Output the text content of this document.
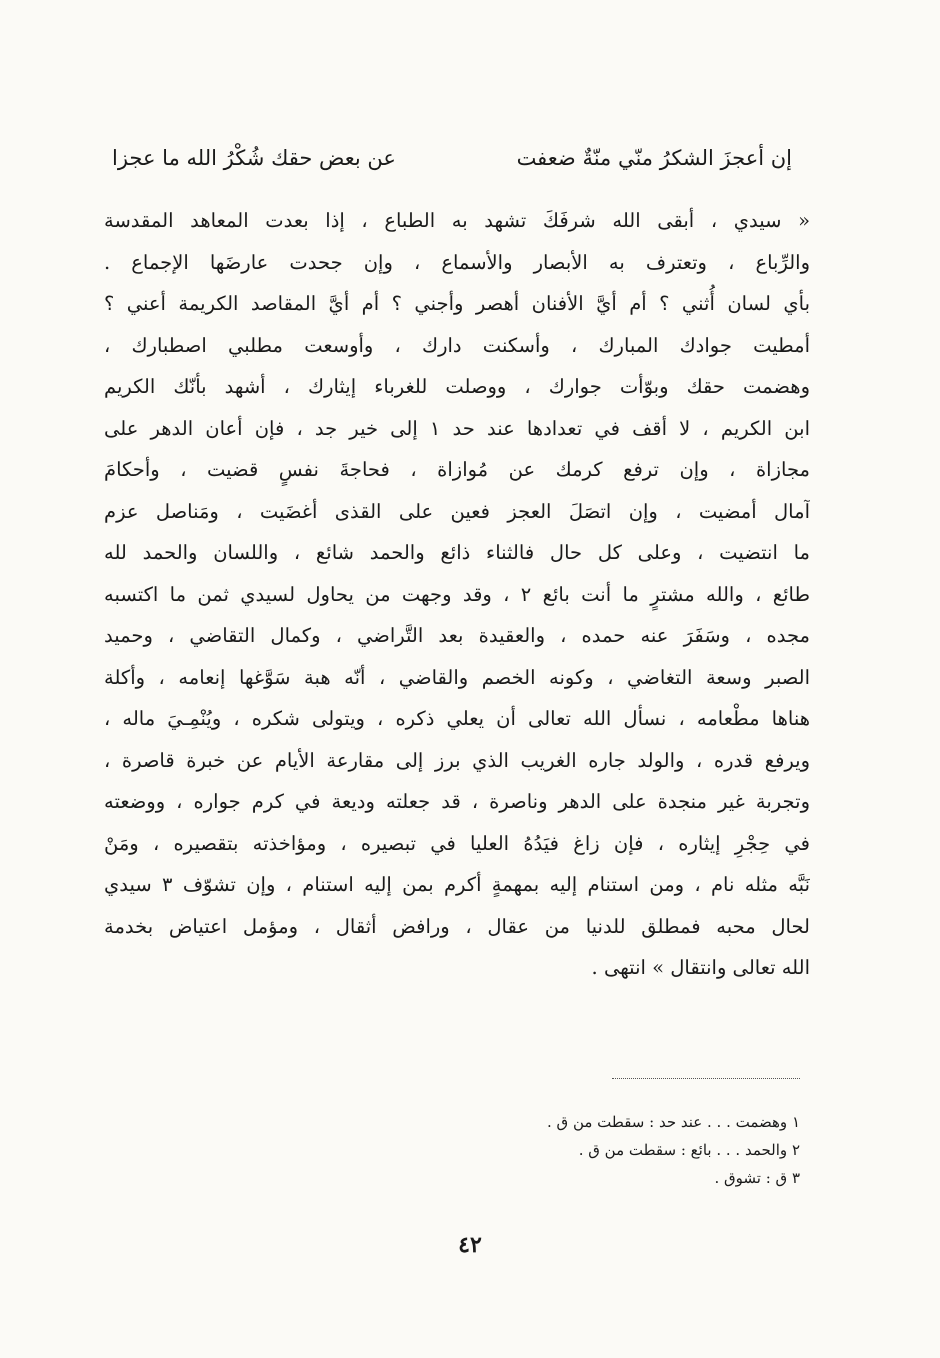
إن أعجزَ الشكرُ منّي منّةٌ ضعفت
عن بعض حقك شُكْرُ الله ما عجزا
« سيدي ، أبقى الله شرفَكَ تشهد به الطباع ، إذا بعدت المعاهد المقدسة
والرِّباع ، وتعترف به الأبصار والأسماع ، وإن جحدت عارضَها الإجماع .
بأي لسان أُثني ؟ أم أيَّ الأفنان أهصر وأجني ؟ أم أيَّ المقاصد الكريمة أعني ؟
أمطيت جوادك المبارك ، وأسكنت دارك ، وأوسعت مطلبي اصطبارك ،
وهضمت حقك وبوّأت جوارك ، ووصلت للغرباء إيثارك ، أشهد بأنّك الكريم
ابن الكريم ، لا أقف في تعدادها عند حد ١ إلى خير جد ، فإن أعان الدهر على
مجازاة ، وإن ترفع كرمك عن مُوازاة ، فحاجةَ نفسٍ قضيت ، وأحكامَ
آمال أمضيت ، وإن اتصَلَ العجز فعين على القذى أغضَيت ، ومَناصل عزم
ما انتضيت ، وعلى كل حال فالثناء ذائع والحمد شائع ، واللسان والحمد لله
طائع ، والله مشترٍ ما أنت بائع ٢ ، وقد وجهت من يحاول لسيدي ثمن ما اكتسبه
مجده ، وسَفَرَ عنه حمده ، والعقيدة بعد التَّراضي ، وكمال التقاضي ، وحميد
الصبر وسعة التغاضي ، وكونه الخصم والقاضي ، أنّه هبة سَوَّغها إنعامه ، وأكلة
هناها مطْعامه ، نسأل الله تعالى أن يعلي ذكره ، ويتولى شكره ، ويُنْمِـيَ ماله ،
ويرفع قدره ، والولد جاره الغريب الذي برز إلى مقارعة الأيام عن خبرة قاصرة ،
وتجربة غير منجدة على الدهر وناصرة ، قد جعلته وديعة في كرم جواره ، ووضعته
في حِجْرِ إيثاره ، فإن زاغ فيَدُهُ العليا في تبصيره ، ومؤاخذته بتقصيره ، ومَنْ
نَبَّه مثله نام ، ومن استنام إليه بمهمةٍ أكرم بمن إليه استنام ، وإن تشوّف ٣ سيدي
لحال محبه فمطلق للدنيا من عقال ، ورافض أثقال ، ومؤمل اعتياض بخدمة
الله تعالى وانتقال » انتهى .
١ وهضمت . . . عند حد : سقطت من ق .
٢ والحمد . . . بائع : سقطت من ق .
٣ ق : تشوق .
٤٢
